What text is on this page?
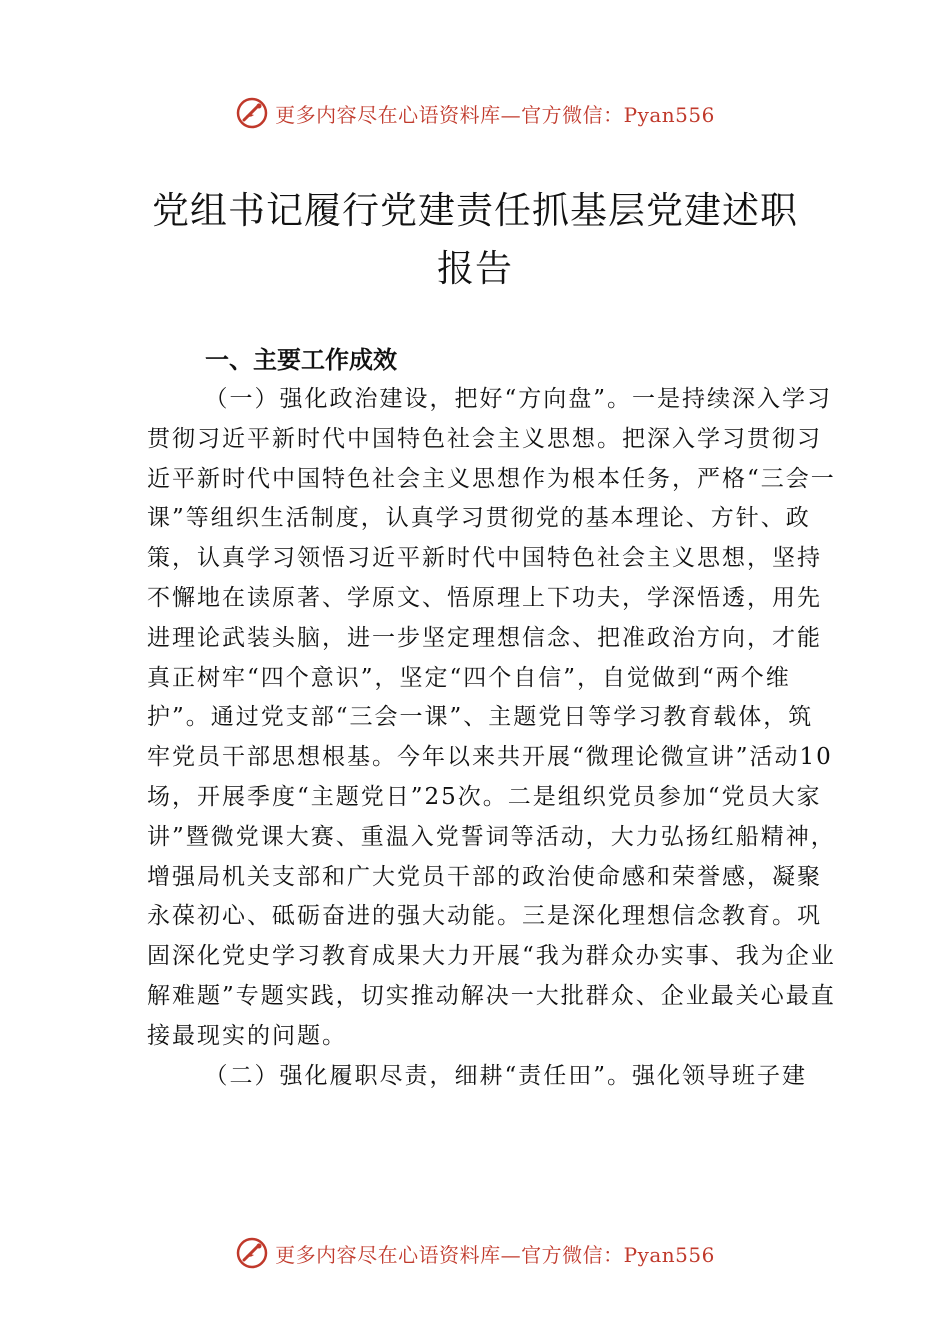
更多内容尽在心语资料库—官方微信：Pyan556
党组书记履行党建责任抓基层党建述职报告
一、主要工作成效

（一）强化政治建设，把好“方向盘”。一是持续深入学习贯彻习近平新时代中国特色社会主义思想。把深入学习贯彻习近平新时代中国特色社会主义思想作为根本任务，严格“三会一课”等组织生活制度，认真学习贯彻党的基本理论、方针、政策，认真学习领悟习近平新时代中国特色社会主义思想，坚持不懈地在读原著、学原文、悟原理上下功夫，学深悟透，用先进理论武装头脑，进一步坚定理想信念、把准政治方向，才能真正树牢“四个意识”，坚定“四个自信”，自觉做到“两个维护”。通过党支部“三会一课”、主题党日等学习教育载体，筑牢党员干部思想根基。今年以来共开展“微理论微宣讲”活动10场，开展季度“主题党日”25次。二是组织党员参加“党员大家讲”暨微党课大赛、重温入党誓词等活动，大力弘扬红船精神，增强局机关支部和广大党员干部的政治使命感和荣誉感，凝聚永葆初心、砥砺奋进的强大动能。三是深化理想信念教育。巩固深化党史学习教育成果大力开展“我为群众办实事、我为企业解难题”专题实践，切实推动解决一大批群众、企业最关心最直接最现实的问题。

（二）强化履职尽责，细耕“责任田”。强化领导班子建

更多内容尽在心语资料库—官方微信：Pyan556
